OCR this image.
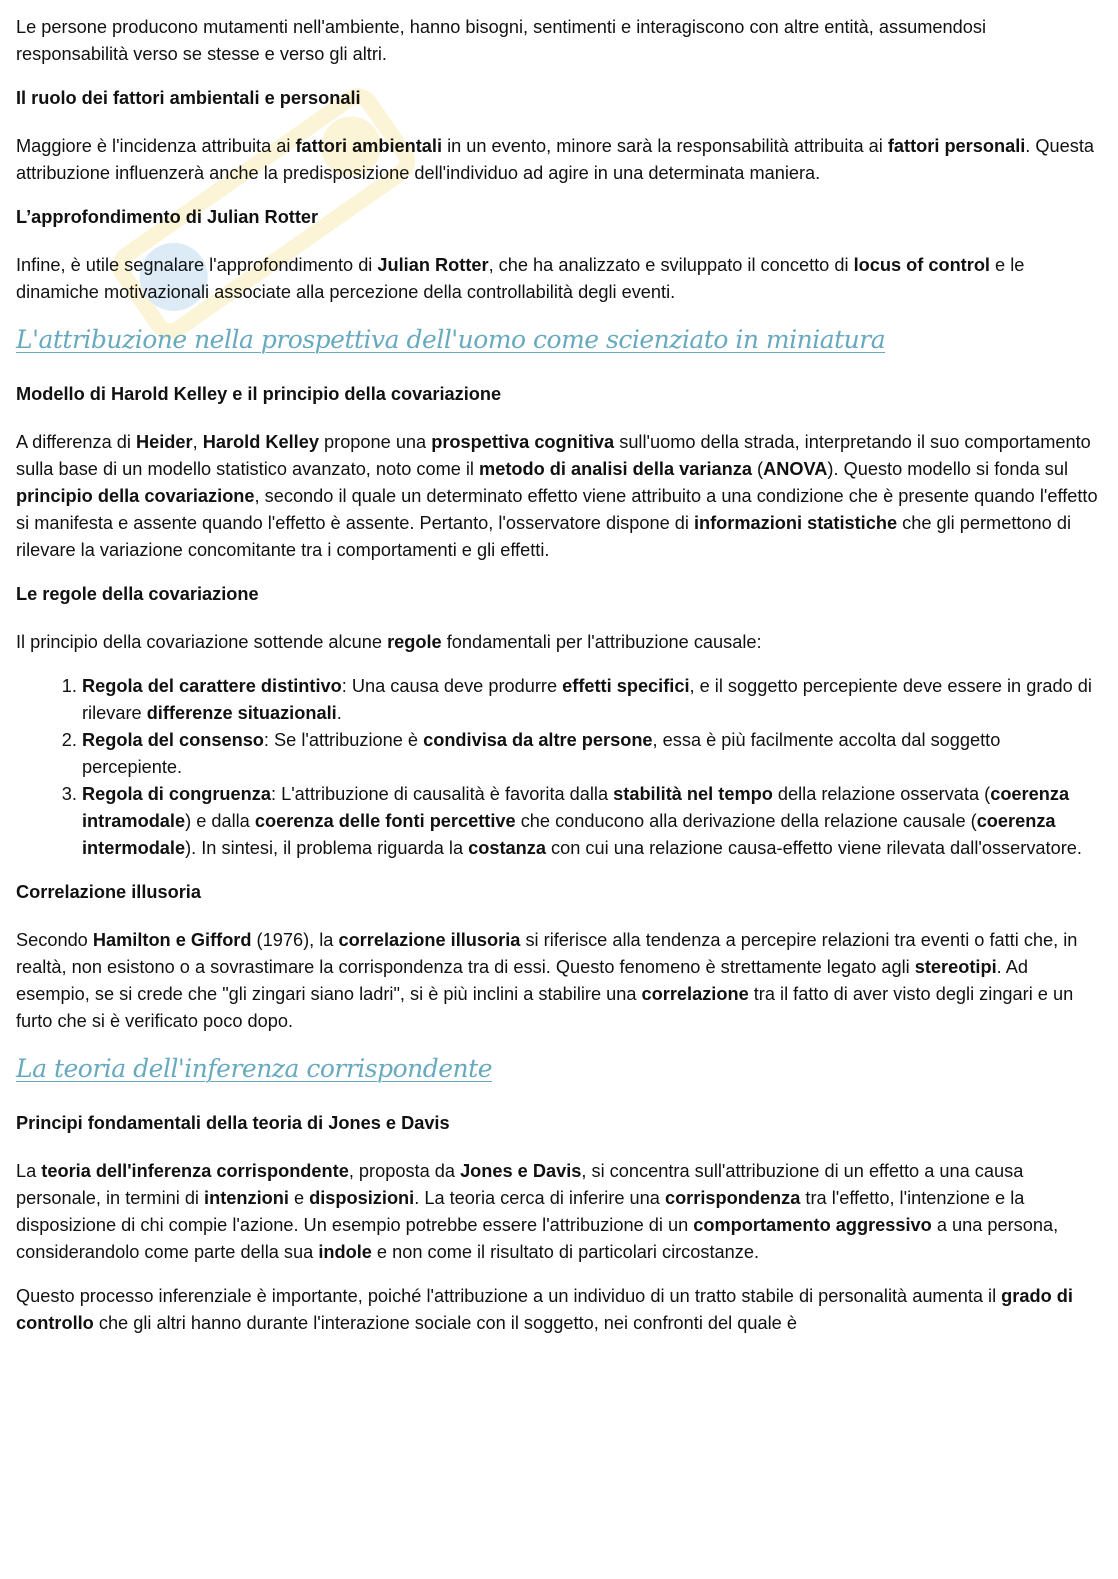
Le persone producono mutamenti nell'ambiente, hanno bisogni, sentimenti e interagiscono con altre entità, assumendosi responsabilità verso se stesse e verso gli altri.

Il ruolo dei fattori ambientali e personali

Maggiore è l'incidenza attribuita ai fattori ambientali in un evento, minore sarà la responsabilità attribuita ai fattori personali. Questa attribuzione influenzerà anche la predisposizione dell'individuo ad agire in una determinata maniera.

L’approfondimento di Julian Rotter

Infine, è utile segnalare l'approfondimento di Julian Rotter, che ha analizzato e sviluppato il concetto di locus of control e le dinamiche motivazionali associate alla percezione della controllabilità degli eventi.

L'attribuzione nella prospettiva dell'uomo come scienziato in miniatura

Modello di Harold Kelley e il principio della covariazione

A differenza di Heider, Harold Kelley propone una prospettiva cognitiva sull'uomo della strada, interpretando il suo comportamento sulla base di un modello statistico avanzato, noto come il metodo di analisi della varianza (ANOVA). Questo modello si fonda sul principio della covariazione, secondo il quale un determinato effetto viene attribuito a una condizione che è presente quando l'effetto si manifesta e assente quando l'effetto è assente. Pertanto, l'osservatore dispone di informazioni statistiche che gli permettono di rilevare la variazione concomitante tra i comportamenti e gli effetti.

Le regole della covariazione

Il principio della covariazione sottende alcune regole fondamentali per l'attribuzione causale:

1. Regola del carattere distintivo: Una causa deve produrre effetti specifici, e il soggetto percepiente deve essere in grado di rilevare differenze situazionali.
2. Regola del consenso: Se l'attribuzione è condivisa da altre persone, essa è più facilmente accolta dal soggetto percepiente.
3. Regola di congruenza: L'attribuzione di causalità è favorita dalla stabilità nel tempo della relazione osservata (coerenza intramodale) e dalla coerenza delle fonti percettive che conducono alla derivazione della relazione causale (coerenza intermodale). In sintesi, il problema riguarda la costanza con cui una relazione causa-effetto viene rilevata dall'osservatore.

Correlazione illusoria

Secondo Hamilton e Gifford (1976), la correlazione illusoria si riferisce alla tendenza a percepire relazioni tra eventi o fatti che, in realtà, non esistono o a sovrastimare la corrispondenza tra di essi. Questo fenomeno è strettamente legato agli stereotipi. Ad esempio, se si crede che "gli zingari siano ladri", si è più inclini a stabilire una correlazione tra il fatto di aver visto degli zingari e un furto che si è verificato poco dopo.

La teoria dell'inferenza corrispondente

Principi fondamentali della teoria di Jones e Davis

La teoria dell'inferenza corrispondente, proposta da Jones e Davis, si concentra sull'attribuzione di un effetto a una causa personale, in termini di intenzioni e disposizioni. La teoria cerca di inferire una corrispondenza tra l'effetto, l'intenzione e la disposizione di chi compie l'azione. Un esempio potrebbe essere l'attribuzione di un comportamento aggressivo a una persona, considerandolo come parte della sua indole e non come il risultato di particolari circostanze.

Questo processo inferenziale è importante, poiché l'attribuzione a un individuo di un tratto stabile di personalità aumenta il grado di controllo che gli altri hanno durante l'interazione sociale con il soggetto, nei confronti del quale è
